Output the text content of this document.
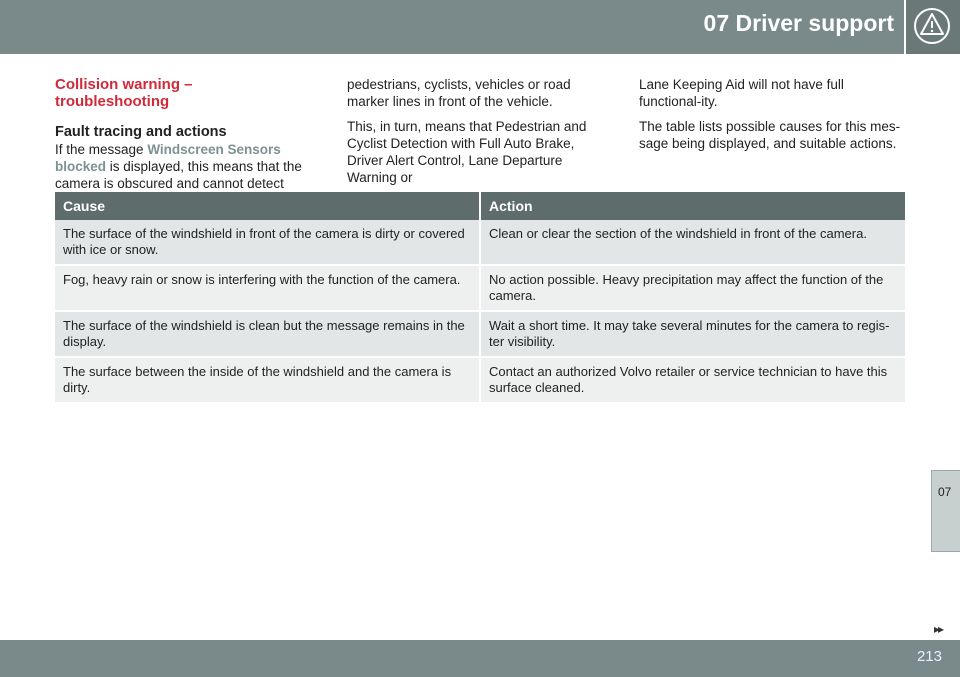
07 Driver support
Collision warning – troubleshooting
Fault tracing and actions

If the message Windscreen Sensors blocked is displayed, this means that the camera is obscured and cannot detect

pedestrians, cyclists, vehicles or road marker lines in front of the vehicle.

This, in turn, means that Pedestrian and Cyclist Detection with Full Auto Brake, Driver Alert Control, Lane Departure Warning or

Lane Keeping Aid will not have full functional-ity.

The table lists possible causes for this mes-sage being displayed, and suitable actions.

Cause	Action
The surface of the windshield in front of the camera is dirty or covered with ice or snow.	Clean or clear the section of the windshield in front of the camera.
Fog, heavy rain or snow is interfering with the function of the camera.	No action possible. Heavy precipitation may affect the function of the camera.
The surface of the windshield is clean but the message remains in the display.	Wait a short time. It may take several minutes for the camera to regis-ter visibility.
The surface between the inside of the windshield and the camera is dirty.	Contact an authorized Volvo retailer or service technician to have this surface cleaned.
07
▸▸
213
